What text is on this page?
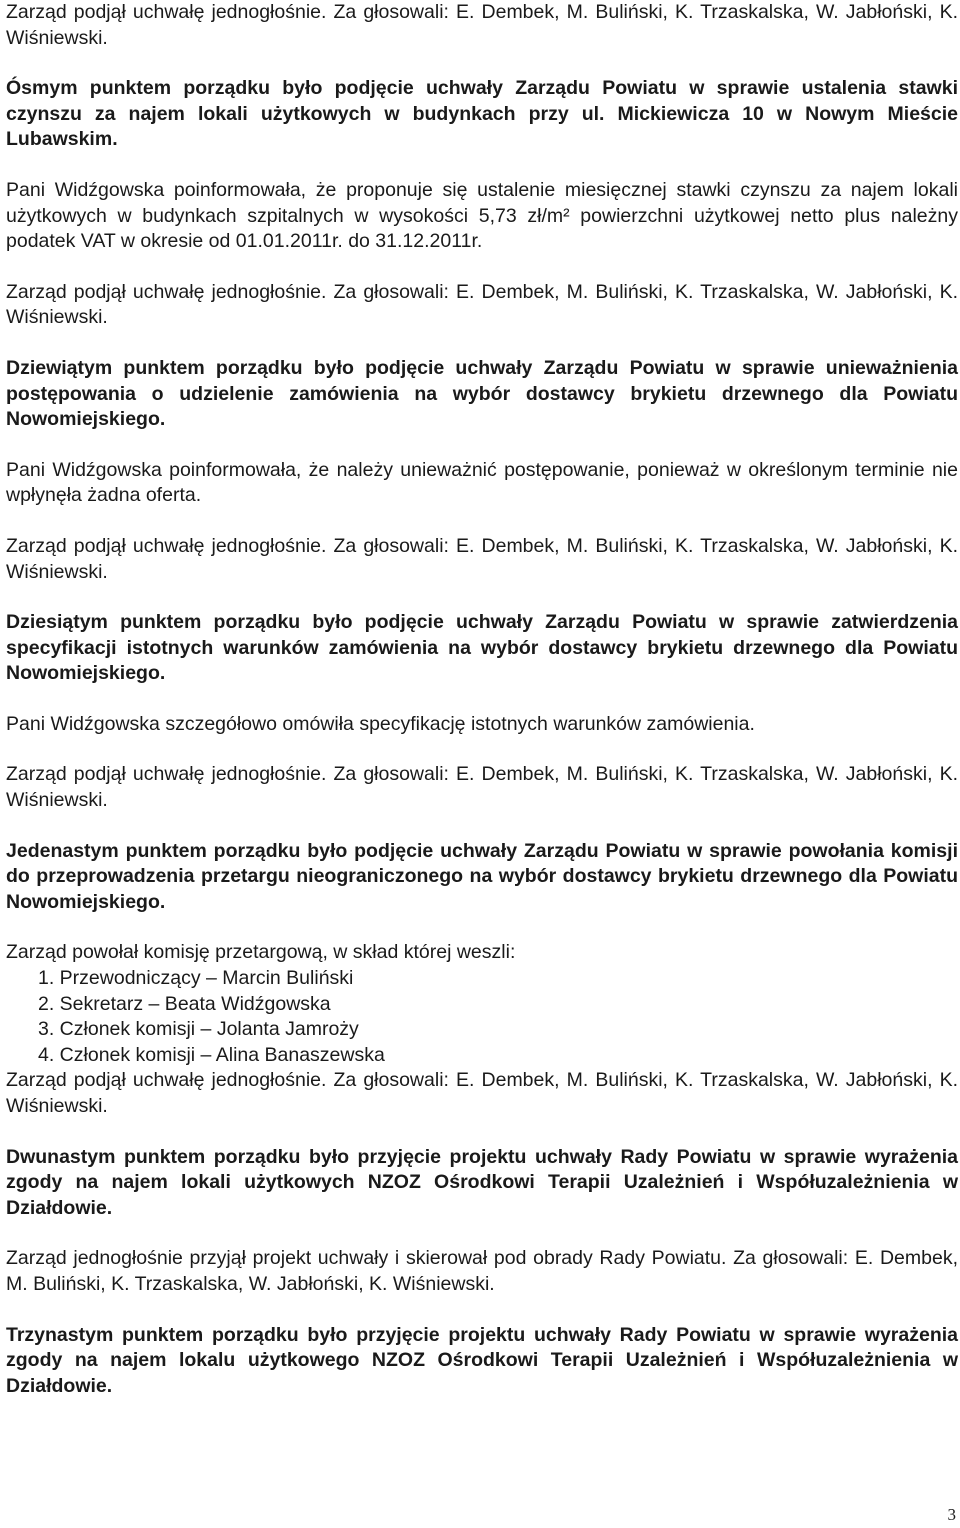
Zarząd podjął uchwałę jednogłośnie. Za głosowali: E. Dembek, M. Buliński, K. Trzaskalska, W. Jabłoński, K. Wiśniewski.

Ósmym punktem porządku było podjęcie uchwały Zarządu Powiatu w sprawie ustalenia stawki czynszu za najem lokali użytkowych w budynkach przy ul. Mickiewicza 10 w Nowym Mieście Lubawskim.

Pani Widźgowska poinformowała, że proponuje się ustalenie miesięcznej stawki czynszu za najem lokali użytkowych w budynkach szpitalnych w wysokości 5,73 zł/m² powierzchni użytkowej netto plus należny podatek VAT w okresie od 01.01.2011r. do 31.12.2011r.

Zarząd podjął uchwałę jednogłośnie. Za głosowali: E. Dembek, M. Buliński, K. Trzaskalska, W. Jabłoński, K. Wiśniewski.

Dziewiątym punktem porządku było podjęcie uchwały Zarządu Powiatu w sprawie unieważnienia postępowania o udzielenie zamówienia na wybór dostawcy brykietu drzewnego dla Powiatu Nowomiejskiego.

Pani Widźgowska poinformowała, że należy unieważnić postępowanie, ponieważ w określonym terminie nie wpłynęła żadna oferta.

Zarząd podjął uchwałę jednogłośnie. Za głosowali: E. Dembek, M. Buliński, K. Trzaskalska, W. Jabłoński, K. Wiśniewski.

Dziesiątym punktem porządku było podjęcie uchwały Zarządu Powiatu w sprawie zatwierdzenia specyfikacji istotnych warunków zamówienia na wybór dostawcy brykietu drzewnego dla Powiatu Nowomiejskiego.

Pani Widźgowska szczegółowo omówiła specyfikację istotnych warunków zamówienia.

Zarząd podjął uchwałę jednogłośnie. Za głosowali: E. Dembek, M. Buliński, K. Trzaskalska, W. Jabłoński, K. Wiśniewski.

Jedenastym punktem porządku było podjęcie uchwały Zarządu Powiatu w sprawie powołania komisji do przeprowadzenia przetargu nieograniczonego na wybór dostawcy brykietu drzewnego dla Powiatu Nowomiejskiego.

Zarząd powołał komisję przetargową, w skład której weszli:

1. Przewodniczący – Marcin Buliński
2. Sekretarz – Beata Widźgowska
3. Członek komisji – Jolanta Jamroży
4. Członek komisji – Alina Banaszewska

Zarząd podjął uchwałę jednogłośnie. Za głosowali: E. Dembek, M. Buliński, K. Trzaskalska, W. Jabłoński, K. Wiśniewski.

Dwunastym punktem porządku było przyjęcie projektu uchwały Rady Powiatu w sprawie wyrażenia zgody na najem lokali użytkowych NZOZ Ośrodkowi Terapii Uzależnień i Współuzależnienia w Działdowie.

Zarząd jednogłośnie przyjął projekt uchwały i skierował pod obrady Rady Powiatu. Za głosowali: E. Dembek, M. Buliński, K. Trzaskalska, W. Jabłoński, K. Wiśniewski.

Trzynastym punktem porządku było przyjęcie projektu uchwały Rady Powiatu w sprawie wyrażenia zgody na najem lokalu użytkowego NZOZ Ośrodkowi Terapii Uzależnień i Współuzależnienia w Działdowie.

3
